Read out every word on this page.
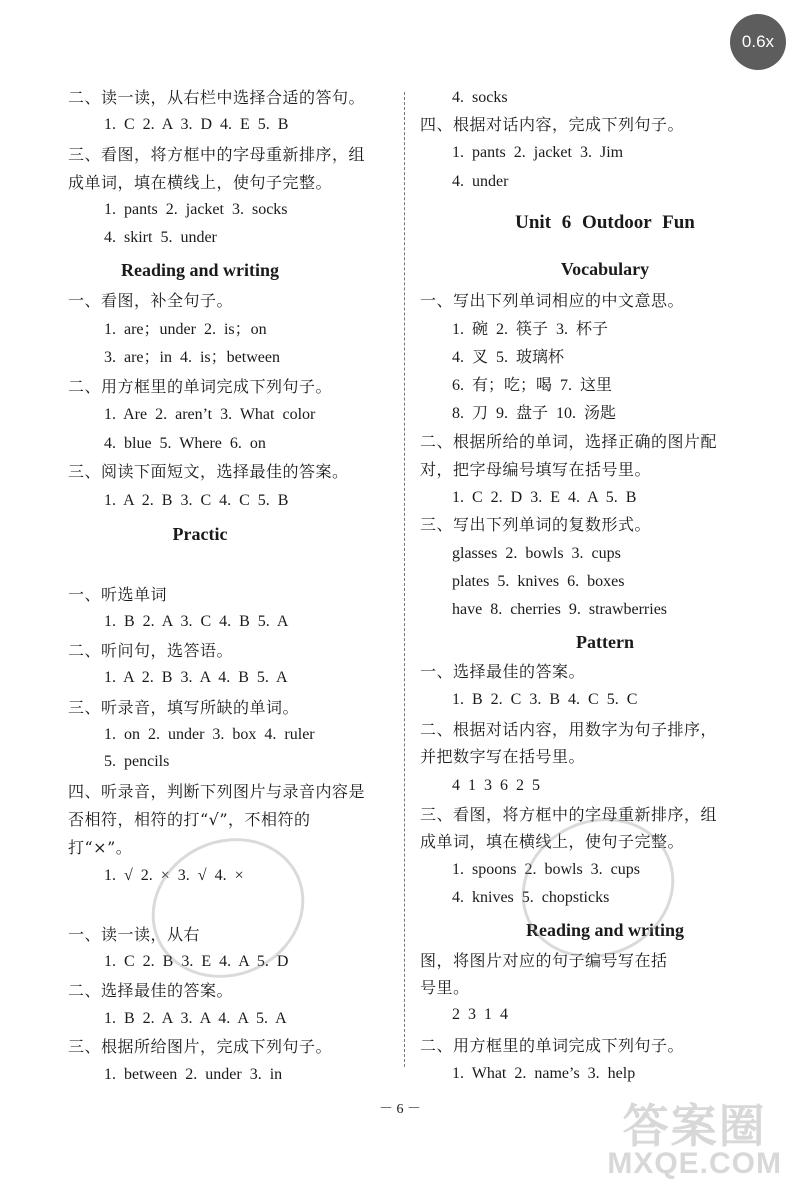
二、读一读，从右栏中选择合适的答句。
1. C 2. A 3. D 4. E 5. B
三、看图，将方框中的字母重新排序，组
成单词，填在横线上，使句子完整。
1. pants 2. jacket 3. socks
4. skirt 5. under
Reading and writing
一、看图，补全句子。
1. are；under 2. is；on
3. are；in 4. is；between
二、用方框里的单词完成下列句子。
1. Are 2. aren’t 3. What color
4. blue 5. Where 6. on
三、阅读下面短文，选择最佳的答案。
1. A 2. B 3. C 4. C 5. B
Practic
一、听选单词
1. B 2. A 3. C 4. B 5. A
二、听问句，选答语。
1. A 2. B 3. A 4. B 5. A
三、听录音，填写所缺的单词。
1. on 2. under 3. box 4. ruler
5. pencils
四、听录音，判断下列图片与录音内容是
否相符，相符的打“√”，不相符的
打“×”。
1. √ 2. × 3. √ 4. ×
一、读一读，从右
1. C 2. B 3. E 4. A 5. D
二、选择最佳的答案。
1. B 2. A 3. A 4. A 5. A
三、根据所给图片，完成下列句子。
1. between 2. under 3. in
4. socks
四、根据对话内容，完成下列句子。
1. pants 2. jacket 3. Jim
4. under
Unit 6 Outdoor Fun
Vocabulary
一、写出下列单词相应的中文意思。
1. 碗 2. 筷子 3. 杯子
4. 叉 5. 玻璃杯
6. 有；吃；喝 7. 这里
8. 刀 9. 盘子 10. 汤匙
二、根据所给的单词，选择正确的图片配
对，把字母编号填写在括号里。
1. C 2. D 3. E 4. A 5. B
三、写出下列单词的复数形式。
glasses 2. bowls 3. cups
plates 5. knives 6. boxes
have 8. cherries 9. strawberries
Pattern
一、选择最佳的答案。
1. B 2. C 3. B 4. C 5. C
二、根据对话内容，用数字为句子排序，
并把数字写在括号里。
4 1 3 6 2 5
三、看图，将方框中的字母重新排序，组
成单词，填在横线上，使句子完整。
1. spoons 2. bowls 3. cups
4. knives 5. chopsticks
Reading and writing
图，将图片对应的句子编号写在括
号里。
2 3 1 4
二、用方框里的单词完成下列句子。
1. What 2. name’s 3. help
－ 6 －
0.6x
答案圈
MXQE.COM
